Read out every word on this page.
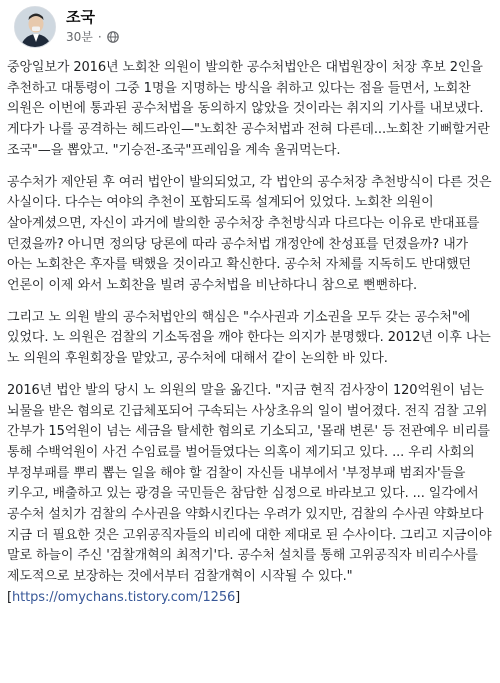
조국
30분 ·

중앙일보가 2016년 노회찬 의원이 발의한 공수처법안은 대법원장이 처장 후보 2인을 추천하고 대통령이 그중 1명을 지명하는 방식을 취하고 있다는 점을 들면서, 노회찬 의원은 이번에 통과된 공수처법을 동의하지 않았을 것이라는 취지의 기사를 내보냈다. 게다가 나를 공격하는 헤드라인—"노회찬 공수처법과 전혀 다른데...노회찬 기뻐할거란 조국"—을 뽑았고. "기승전-조국"프레임을 계속 울궈먹는다.

공수처가 제안된 후 여러 법안이 발의되었고, 각 법안의 공수처장 추천방식이 다른 것은 사실이다. 다수는 여야의 추천이 포함되도록 설계되어 있었다. 노회찬 의원이 살아계셨으면, 자신이 과거에 발의한 공수처장 추천방식과 다르다는 이유로 반대표를 던졌을까? 아니면 정의당 당론에 따라 공수처법 개정안에 찬성표를 던졌을까? 내가 아는 노회찬은 후자를 택했을 것이라고 확신한다. 공수처 자체를 지독히도 반대했던 언론이 이제 와서 노회찬을 빌려 공수처법을 비난하다니 참으로 뻔뻔하다.

그리고 노 의원 발의 공수처법안의 핵심은 "수사권과 기소권을 모두 갖는 공수처"에 있었다. 노 의원은 검찰의 기소독점을 깨야 한다는 의지가 분명했다. 2012년 이후 나는 노 의원의 후원회장을 맡았고, 공수처에 대해서 같이 논의한 바 있다.

2016년 법안 발의 당시 노 의원의 말을 옮긴다. "지금 현직 검사장이 120억원이 넘는 뇌물을 받은 혐의로 긴급체포되어 구속되는 사상초유의 일이 벌어졌다. 전직 검찰 고위 간부가 15억원이 넘는 세금을 탈세한 혐의로 기소되고, '몰래 변론' 등 전관예우 비리를 통해 수백억원이 사건 수임료를 벌어들였다는 의혹이 제기되고 있다. ... 우리 사회의 부정부패를 뿌리 뽑는 일을 해야 할 검찰이 자신들 내부에서 '부정부패 범죄자'들을 키우고, 배출하고 있는 광경을 국민들은 참담한 심정으로 바라보고 있다. ... 일각에서 공수처 설치가 검찰의 수사권을 약화시킨다는 우려가 있지만, 검찰의 수사권 약화보다 지금 더 필요한 것은 고위공직자들의 비리에 대한 제대로 된 수사이다. 그리고 지금이야 말로 하늘이 주신 '검찰개혁의 최적기'다. 공수처 설치를 통해 고위공직자 비리수사를 제도적으로 보장하는 것에서부터 검찰개혁이 시작될 수 있다."[https://omychans.tistory.com/1256]
